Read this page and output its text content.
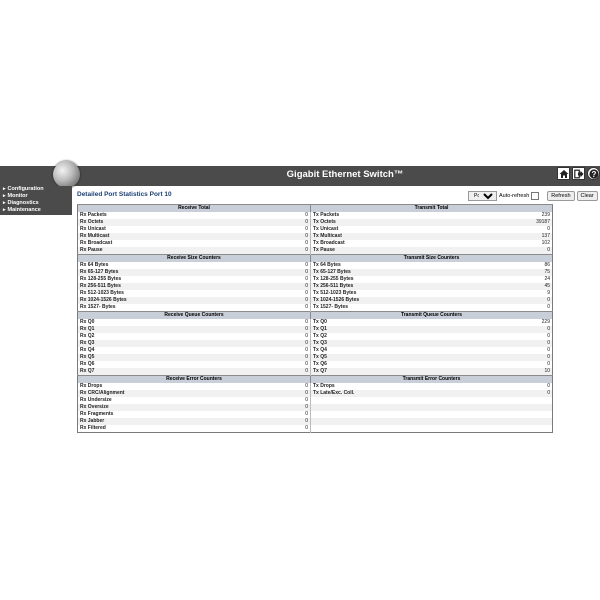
Gigabit Ethernet Switch™	?
▸ Configuration
▸ Monitor
▸ Diagnostics
▸ Maintenance
Detailed Port Statistics Port 10
Port 10	Auto-refresh	Refresh	Clear
Receive Total		Transmit Total	
Rx Packets	0	Tx Packets	239
Rx Octets	0	Tx Octets	39187
Rx Unicast	0	Tx Unicast	0
Rx Multicast	0	Tx Multicast	137
Rx Broadcast	0	Tx Broadcast	102
Rx Pause	0	Tx Pause	0
Receive Size Counters		Transmit Size Counters	
Rx 64 Bytes	0	Tx 64 Bytes	86
Rx 65-127 Bytes	0	Tx 65-127 Bytes	75
Rx 128-255 Bytes	0	Tx 128-255 Bytes	24
Rx 256-511 Bytes	0	Tx 256-511 Bytes	45
Rx 512-1023 Bytes	0	Tx 512-1023 Bytes	9
Rx 1024-1526 Bytes	0	Tx 1024-1526 Bytes	0
Rx 1527- Bytes	0	Tx 1527- Bytes	0
Receive Queue Counters		Transmit Queue Counters	
Rx Q0	0	Tx Q0	229
Rx Q1	0	Tx Q1	0
Rx Q2	0	Tx Q2	0
Rx Q3	0	Tx Q3	0
Rx Q4	0	Tx Q4	0
Rx Q5	0	Tx Q5	0
Rx Q6	0	Tx Q6	0
Rx Q7	0	Tx Q7	10
Receive Error Counters		Transmit Error Counters	
Rx Drops	0	Tx Drops	0
Rx CRC/Alignment	0	Tx Late/Exc. Coll.	0
Rx Undersize	0		
Rx Oversize	0		
Rx Fragments	0		
Rx Jabber	0		
Rx Filtered	0		
